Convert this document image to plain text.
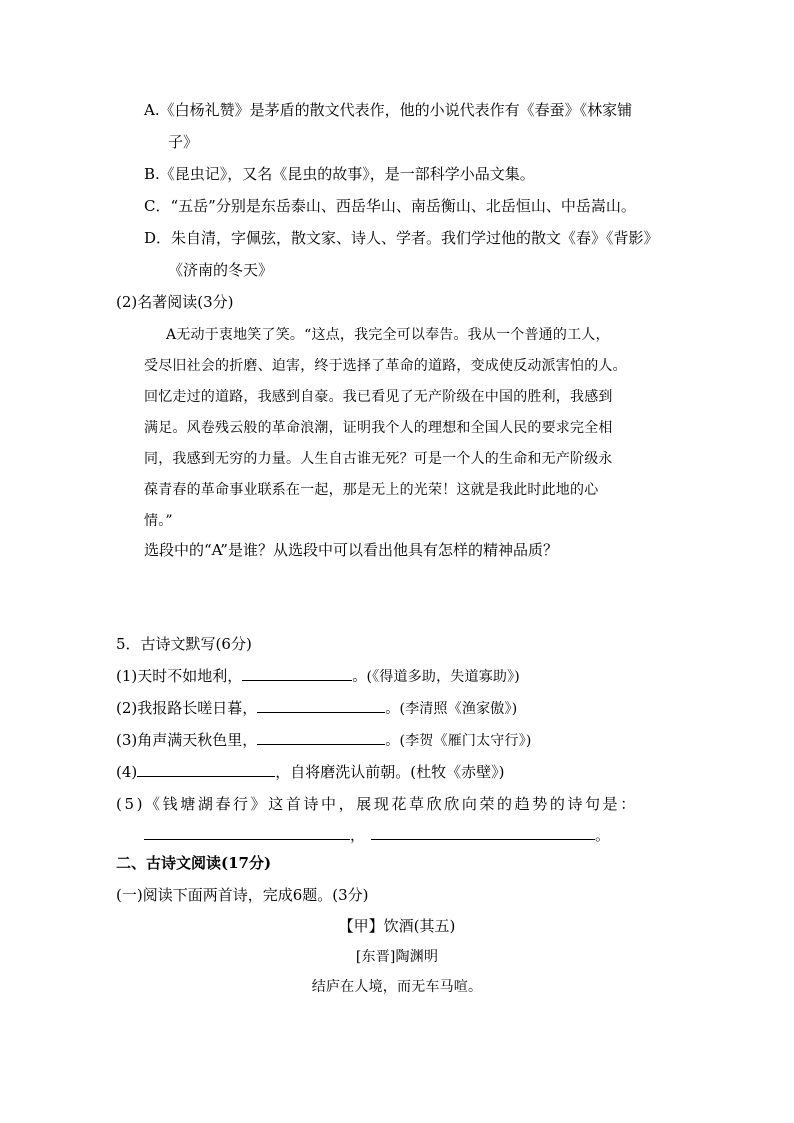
A.《白杨礼赞》是茅盾的散文代表作，他的小说代表作有《春蚕》《林家铺
子》
B.《昆虫记》，又名《昆虫的故事》，是一部科学小品文集。
C．“五岳”分别是东岳泰山、西岳华山、南岳衡山、北岳恒山、中岳嵩山。
D．朱自清，字佩弦，散文家、诗人、学者。我们学过他的散文《春》《背影》
《济南的冬天》
(2)名著阅读(3分)
A无动于衷地笑了笑。“这点，我完全可以奉告。我从一个普通的工人，
受尽旧社会的折磨、迫害，终于选择了革命的道路，变成使反动派害怕的人。
回忆走过的道路，我感到自豪。我已看见了无产阶级在中国的胜利，我感到
满足。风卷残云般的革命浪潮，证明我个人的理想和全国人民的要求完全相
同，我感到无穷的力量。人生自古谁无死？可是一个人的生命和无产阶级永
葆青春的革命事业联系在一起，那是无上的光荣！这就是我此时此地的心
情。”
选段中的“A”是谁？从选段中可以看出他具有怎样的精神品质？
5．古诗文默写(6分)
(1)天时不如地利，	。(《得道多助，失道寡助》)
(2)我报路长嗟日暮，	。(李清照《渔家傲》)
(3)角声满天秋色里，	。(李贺《雁门太守行》)
(4)	，自将磨洗认前朝。(杜牧《赤壁》)
(5)《钱塘湖春行》这首诗中，展现花草欣欣向荣的趋势的诗句是：
，	。
二、古诗文阅读(17分)
(一)阅读下面两首诗，完成6题。(3分)
【甲】饮酒(其五)
[东晋]陶渊明
结庐在人境，而无车马喧。
